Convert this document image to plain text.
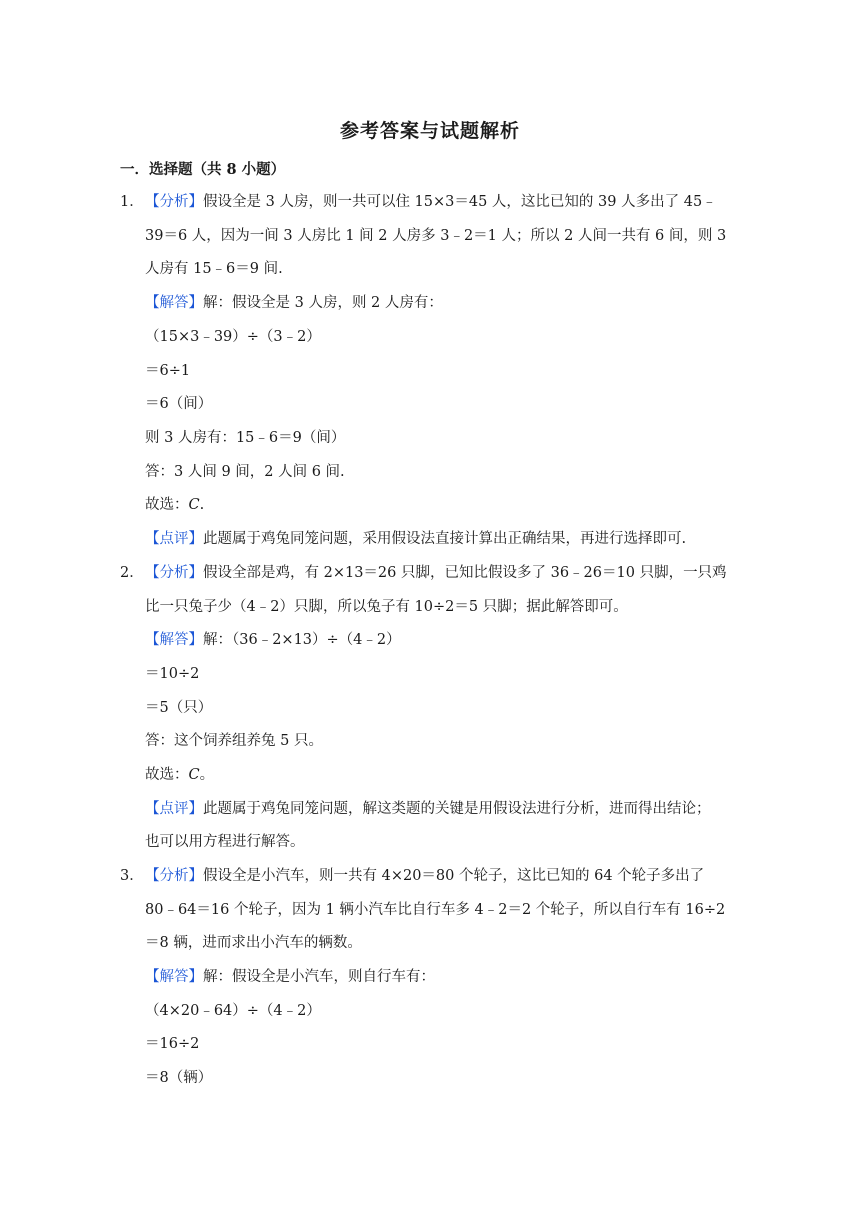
参考答案与试题解析
一．选择题（共 8 小题）
1． 【分析】假设全是 3 人房，则一共可以住 15×3＝45 人，这比已知的 39 人多出了 45﹣
39＝6 人，因为一间 3 人房比 1 间 2 人房多 3﹣2＝1 人；所以 2 人间一共有 6 间，则 3
人房有 15﹣6＝9 间.
【解答】解：假设全是 3 人房，则 2 人房有：
（15×3﹣39）÷（3﹣2）
＝6÷1
＝6（间）
则 3 人房有：15﹣6＝9（间）
答：3 人间 9 间，2 人间 6 间.
故选：C.
【点评】此题属于鸡兔同笼问题，采用假设法直接计算出正确结果，再进行选择即可.
2． 【分析】假设全部是鸡，有 2×13＝26 只脚，已知比假设多了 36﹣26＝10 只脚，一只鸡
比一只兔子少（4﹣2）只脚，所以兔子有 10÷2＝5 只脚；据此解答即可。
【解答】解：（36﹣2×13）÷（4﹣2）
＝10÷2
＝5（只）
答：这个饲养组养兔 5 只。
故选：C。
【点评】此题属于鸡兔同笼问题，解这类题的关键是用假设法进行分析，进而得出结论；
也可以用方程进行解答。
3． 【分析】假设全是小汽车，则一共有 4×20＝80 个轮子，这比已知的 64 个轮子多出了
80﹣64＝16 个轮子，因为 1 辆小汽车比自行车多 4﹣2＝2 个轮子，所以自行车有 16÷2
＝8 辆，进而求出小汽车的辆数。
【解答】解：假设全是小汽车，则自行车有：
（4×20﹣64）÷（4﹣2）
＝16÷2
＝8（辆）
